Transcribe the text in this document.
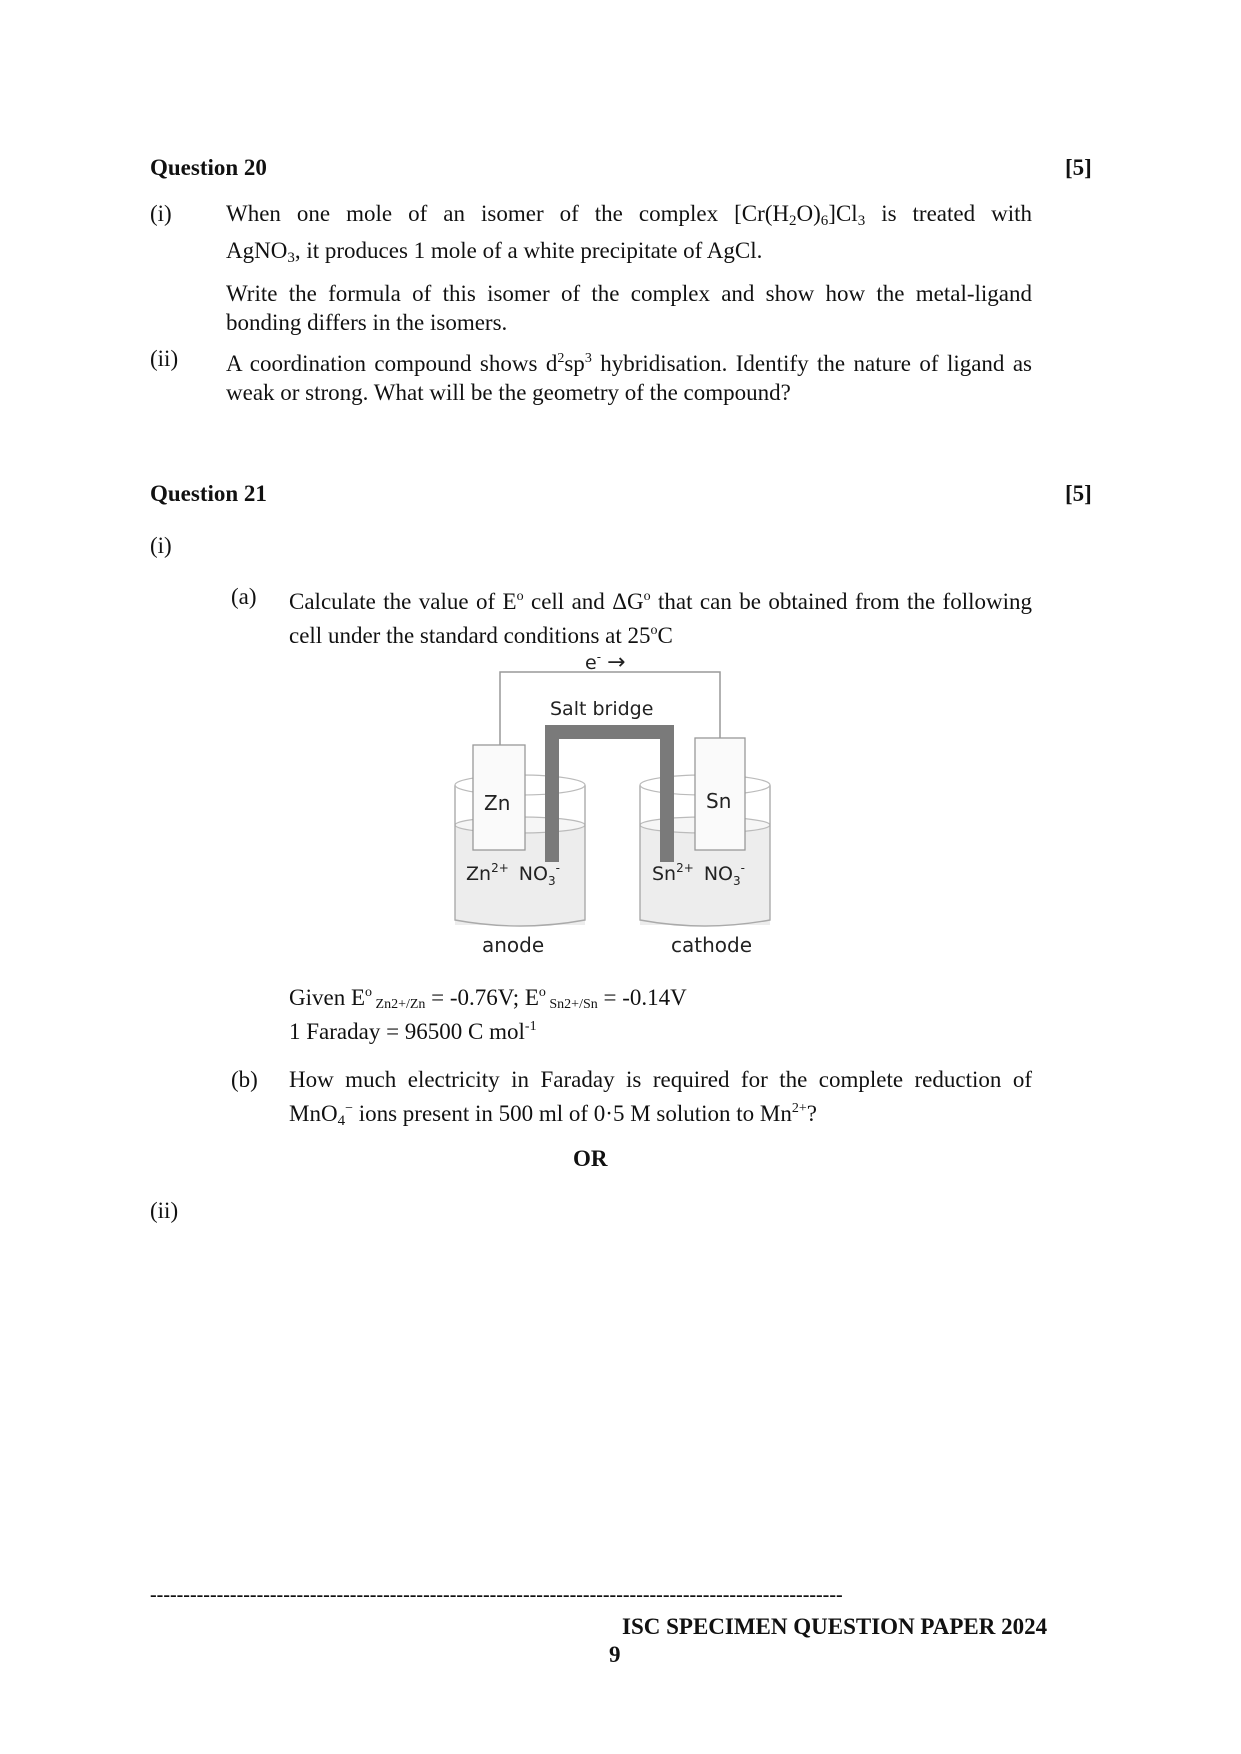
Question 20	[5]
(i) When one mole of an isomer of the complex $[Cr(H_2O)_6]Cl_3$ is treated with
AgNO$_3$, it produces 1 mole of a white precipitate of AgCl.
Write the formula of this isomer of the complex and show how the metal-ligand bonding differs in the isomers.
(ii) A coordination compound shows $d^2sp^3$ hybridisation. Identify the nature of ligand as weak or strong. What will be the geometry of the compound?
Question 21	[5]
(i)
(a) Calculate the value of $E^o$ cell and $\Delta G^o$ that can be obtained from the following cell under the standard conditions at 25$^o$C
e- →
Salt bridge
Zn	Sn
$Zn^{2+}$ $NO_3^-$	$Sn^{2+}$ $NO_3^-$
anode	cathode
Given $E^o$ Zn2+/Zn = -0.76V; $E^o$ Sn2+/Sn = -0.14V
1 Faraday = 96500 C mol$^{-1}$
(b) How much electricity in Faraday is required for the complete reduction of MnO$_4$− ions present in 500 ml of 0·5 M solution to $Mn^{2+}$?
OR
(ii)
--------------------------------------------------------------------------------------------------------
ISC SPECIMEN QUESTION PAPER 2024
9
